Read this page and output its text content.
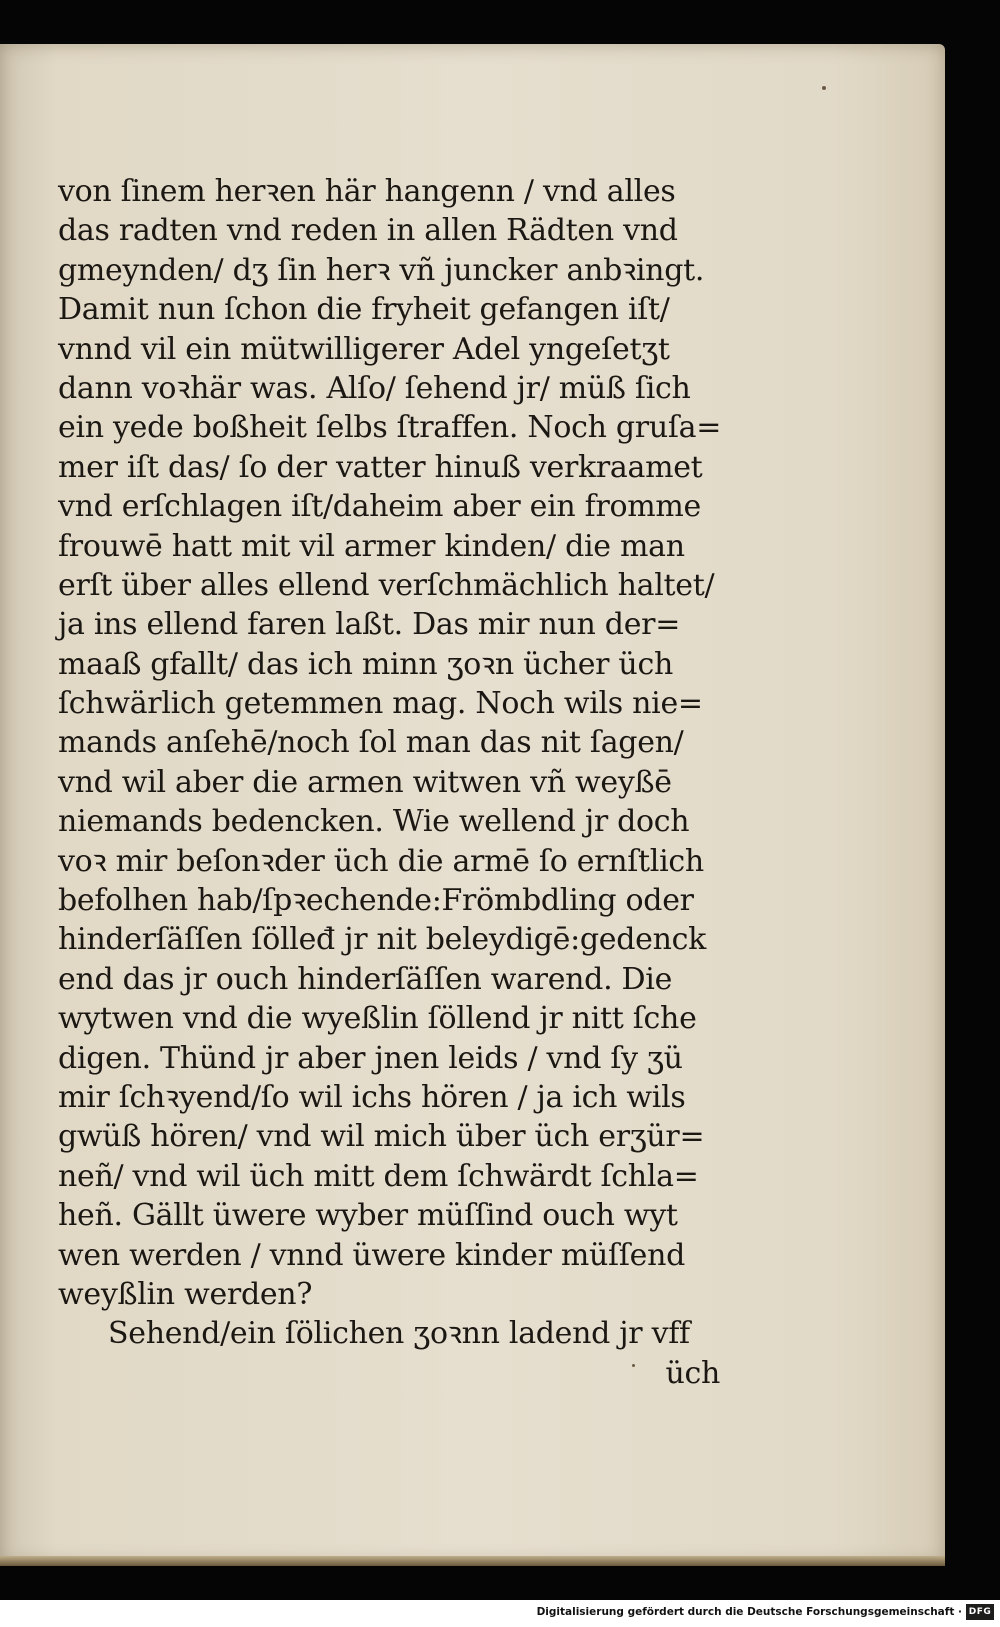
von ſinem herꝛen här hangenn / vnd alles
das radten vnd reden in allen Rädten vnd
gmeynden/ dʒ ſin herꝛ vñ juncker anbꝛingt.
Damit nun ſchon die fryheit gefangen iſt/
vnnd vil ein mütwilligerer Adel yngeſetʒt
dann voꝛhär was. Alſo/ ſehend jr/ müß ſich
ein yede boßheit ſelbs ſtraffen. Noch gruſa=
mer iſt das/ ſo der vatter hinuß verkraamet
vnd erſchlagen iſt/daheim aber ein fromme
frouwē hatt mit vil armer kinden/ die man
erſt über alles ellend verſchmächlich haltet/
ja ins ellend faren laßt. Das mir nun der=
maaß gfallt/ das ich minn ʒoꝛn ücher üch
ſchwärlich getemmen mag. Noch wils nie=
mands anſehē/noch ſol man das nit ſagen/
vnd wil aber die armen witwen vñ weyßē
niemands bedencken. Wie wellend jr doch
voꝛ mir beſonꝛder üch die armē ſo ernſtlich
befolhen hab/ſpꝛechende:Frömbdling oder
hinderſäſſen ſölleđ jr nit beleydigē:gedenck
end das jr ouch hinderſäſſen warend. Die
wytwen vnd die wyeßlin ſöllend jr nitt ſche
digen. Thünd jr aber jnen leids / vnd ſy ʒü
mir ſchꝛyend/ſo wil ichs hören / ja ich wils
gwüß hören/ vnd wil mich über üch erʒür=
neñ/ vnd wil üch mitt dem ſchwärdt ſchla=
heñ. Gällt üwere wyber müſſind ouch wyt
wen werden / vnnd üwere kinder müſſend
weyßlin werden?
Sehend/ein ſölichen ʒoꝛnn ladend jr vff
üch
Digitalisierung gefördert durch die Deutsche Forschungsgemeinschaft · DFG
